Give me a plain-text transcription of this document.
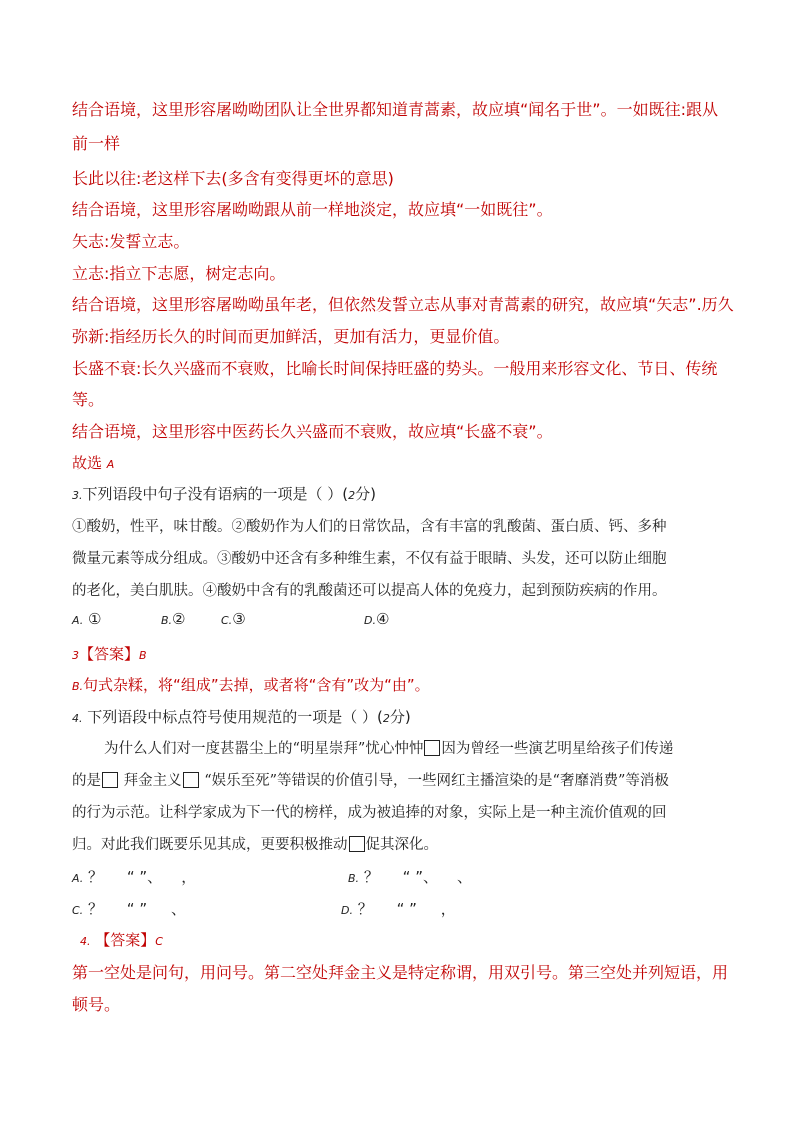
结合语境，这里形容屠呦呦团队让全世界都知道青蒿素，故应填“闻名于世”。一如既往:跟从
前一样
长此以往:老这样下去(多含有变得更坏的意思)
结合语境，这里形容屠呦呦跟从前一样地淡定，故应填“一如既往”。
矢志:发誓立志。
立志:指立下志愿，树定志向。
结合语境，这里形容屠呦呦虽年老，但依然发誓立志从事对青蒿素的研究，故应填“矢志”.历久
弥新:指经历长久的时间而更加鲜活，更加有活力，更显价值。
长盛不衰:长久兴盛而不衰败，比喻长时间保持旺盛的势头。一般用来形容文化、节日、传统
等。
结合语境，这里形容中医药长久兴盛而不衰败，故应填“长盛不衰”。
故选 A
3.下列语段中句子没有语病的一项是（ ）(2分)
①酸奶，性平，味甘酸。②酸奶作为人们的日常饮品，含有丰富的乳酸菌、蛋白质、钙、多种
微量元素等成分组成。③酸奶中还含有多种维生素，不仅有益于眼睛、头发，还可以防止细胞
的老化，美白肌肤。④酸奶中含有的乳酸菌还可以提高人体的免疫力，起到预防疾病的作用。
A. ①	B.②	C.③	D.④
3【答案】B
B.句式杂糅，将“组成”去掉，或者将“含有”改为“由”。
4. 下列语段中标点符号使用规范的一项是（ ）(2分)
为什么人们对一度甚嚣尘上的“明星崇拜”忧心忡忡 因为曾经一些演艺明星给孩子们传递
的是 拜金主义 “娱乐至死”等错误的价值引导，一些网红主播渲染的是“奢靡消费”等消极
的行为示范。让科学家成为下一代的榜样，成为被追捧的对象，实际上是一种主流价值观的回
归。对此我们既要乐见其成，更要积极推动 促其深化。
A. ？     “ ”、    ，	B. ？     “ ”、    、
C. ？     “ ”     、	D. ？     “ ”     ，
4. 【答案】C
第一空处是问句，用问号。第二空处拜金主义是特定称谓，用双引号。第三空处并列短语，用
顿号。
